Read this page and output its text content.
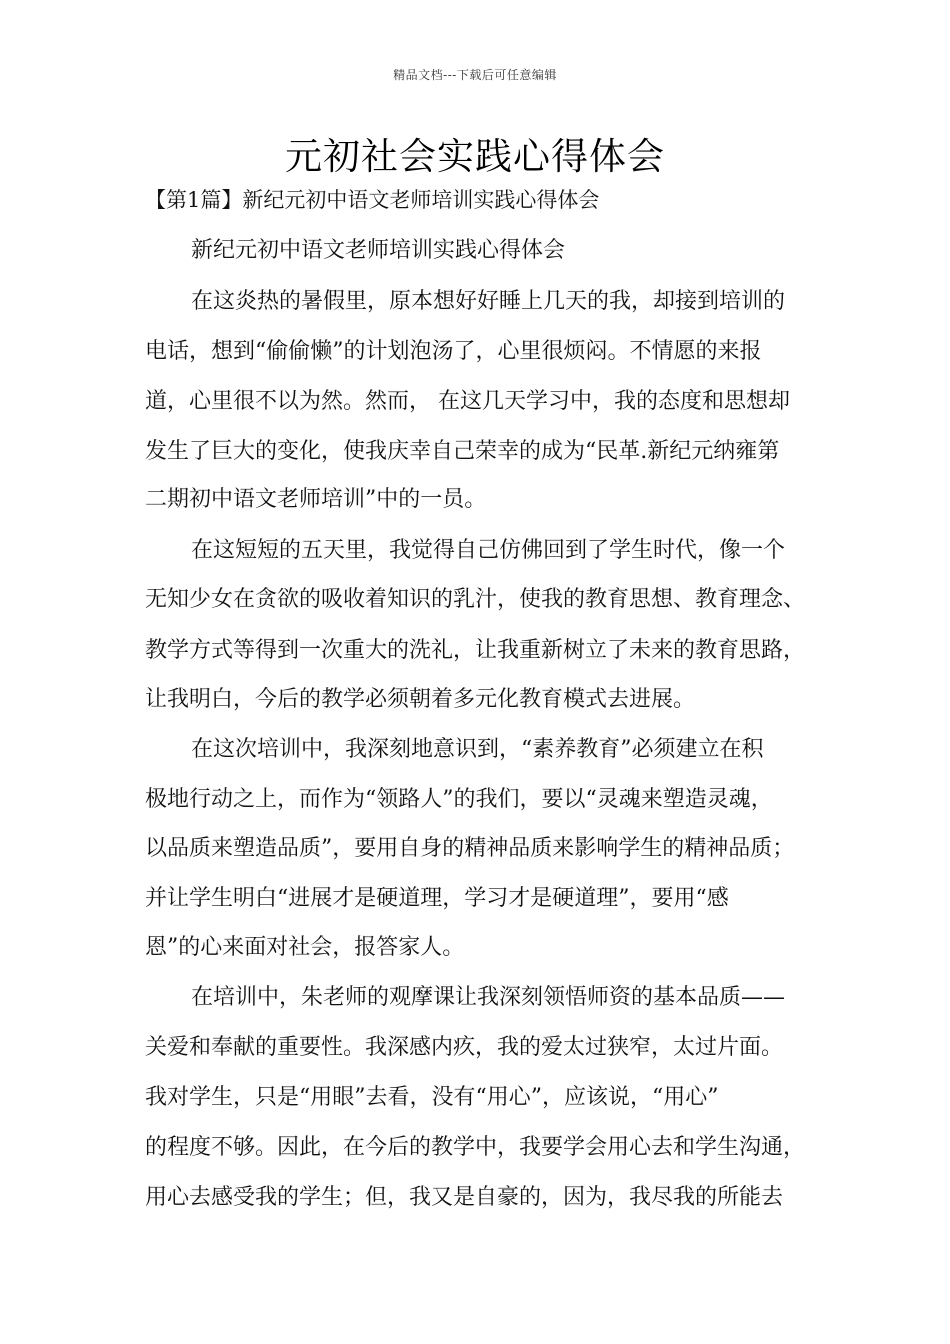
精品文档---下载后可任意编辑
元初社会实践心得体会
【第1篇】新纪元初中语文老师培训实践心得体会
新纪元初中语文老师培训实践心得体会
在这炎热的暑假里，原本想好好睡上几天的我，却接到培训的
电话，想到“偷偷懒”的计划泡汤了，心里很烦闷。不情愿的来报
道，心里很不以为然。然而， 在这几天学习中，我的态度和思想却
发生了巨大的变化，使我庆幸自己荣幸的成为“民革.新纪元纳雍第
二期初中语文老师培训”中的一员。
在这短短的五天里，我觉得自己仿佛回到了学生时代，像一个
无知少女在贪欲的吸收着知识的乳汁，使我的教育思想、教育理念、
教学方式等得到一次重大的洗礼，让我重新树立了未来的教育思路，
让我明白，今后的教学必须朝着多元化教育模式去进展。
在这次培训中，我深刻地意识到，“素养教育”必须建立在积
极地行动之上，而作为“领路人”的我们，要以“灵魂来塑造灵魂，
以品质来塑造品质”，要用自身的精神品质来影响学生的精神品质；
并让学生明白“进展才是硬道理，学习才是硬道理”，要用“感
恩”的心来面对社会，报答家人。
在培训中，朱老师的观摩课让我深刻领悟师资的基本品质——
关爱和奉献的重要性。我深感内疚，我的爱太过狭窄，太过片面。
我对学生，只是“用眼”去看，没有“用心”，应该说，“用心”
的程度不够。因此，在今后的教学中，我要学会用心去和学生沟通，
用心去感受我的学生；但，我又是自豪的，因为，我尽我的所能去
